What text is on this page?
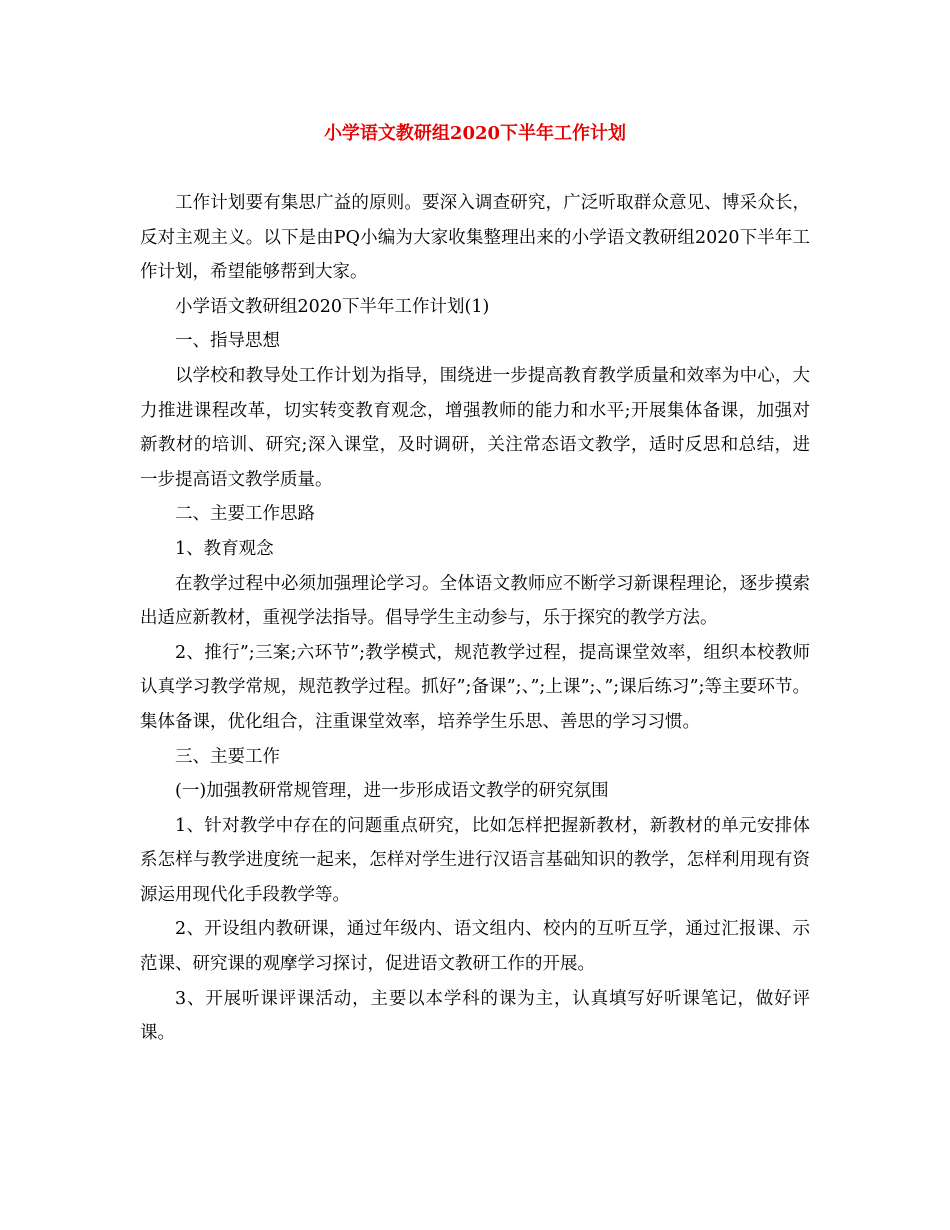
小学语文教研组2020下半年工作计划

工作计划要有集思广益的原则。要深入调查研究，广泛听取群众意见、博采众长，反对主观主义。以下是由PQ小编为大家收集整理出来的小学语文教研组2020下半年工作计划，希望能够帮到大家。

小学语文教研组2020下半年工作计划(1)

一、指导思想

以学校和教导处工作计划为指导，围绕进一步提高教育教学质量和效率为中心，大力推进课程改革，切实转变教育观念，增强教师的能力和水平;开展集体备课，加强对新教材的培训、研究;深入课堂，及时调研，关注常态语文教学，适时反思和总结，进一步提高语文教学质量。

二、主要工作思路

1、教育观念

在教学过程中必须加强理论学习。全体语文教师应不断学习新课程理论，逐步摸索出适应新教材，重视学法指导。倡导学生主动参与，乐于探究的教学方法。

2、推行”;三案;六环节”;教学模式，规范教学过程，提高课堂效率，组织本校教师认真学习教学常规，规范教学过程。抓好”;备课”;、”;上课”;、”;课后练习”;等主要环节。集体备课，优化组合，注重课堂效率，培养学生乐思、善思的学习习惯。

三、主要工作

(一)加强教研常规管理，进一步形成语文教学的研究氛围

1、针对教学中存在的问题重点研究，比如怎样把握新教材，新教材的单元安排体系怎样与教学进度统一起来，怎样对学生进行汉语言基础知识的教学，怎样利用现有资源运用现代化手段教学等。

2、开设组内教研课，通过年级内、语文组内、校内的互听互学，通过汇报课、示范课、研究课的观摩学习探讨，促进语文教研工作的开展。

3、开展听课评课活动，主要以本学科的课为主，认真填写好听课笔记，做好评课。
